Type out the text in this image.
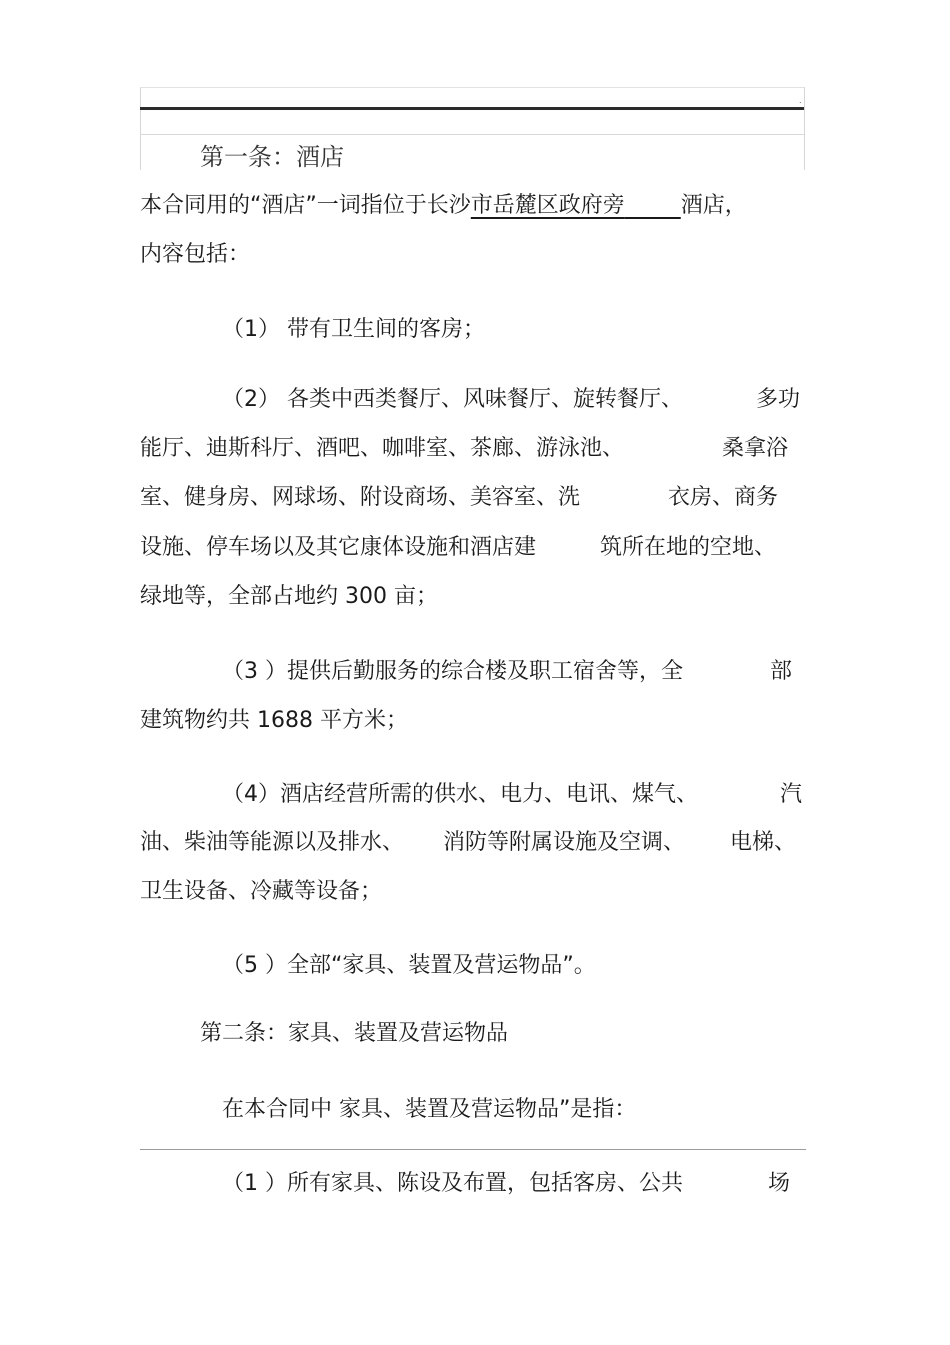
.
第一条：酒店
本合同用的“酒店”一词指位于长沙市岳麓区政府旁	酒店，
内容包括：
（1） 带有卫生间的客房；
（2） 各类中西类餐厅、风味餐厅、旋转餐厅、	多功
能厅、迪斯科厅、酒吧、咖啡室、茶廊、游泳池、	桑拿浴
室、健身房、网球场、附设商场、美容室、洗	衣房、商务
设施、停车场以及其它康体设施和酒店建	筑所在地的空地、
绿地等，全部占地约 300 亩；
（3 ）提供后勤服务的综合楼及职工宿舍等，全	部
建筑物约共 1688 平方米；
（4）酒店经营所需的供水、电力、电讯、煤气、	汽
油、柴油等能源以及排水、 消防等附属设施及空调、 电梯、
卫生设备、冷藏等设备；
（5 ）全部“家具、装置及营运物品”。
第二条：家具、装置及营运物品
在本合同中 家具、装置及营运物品”是指：
（1 ）所有家具、陈设及布置，包括客房、公共	场
